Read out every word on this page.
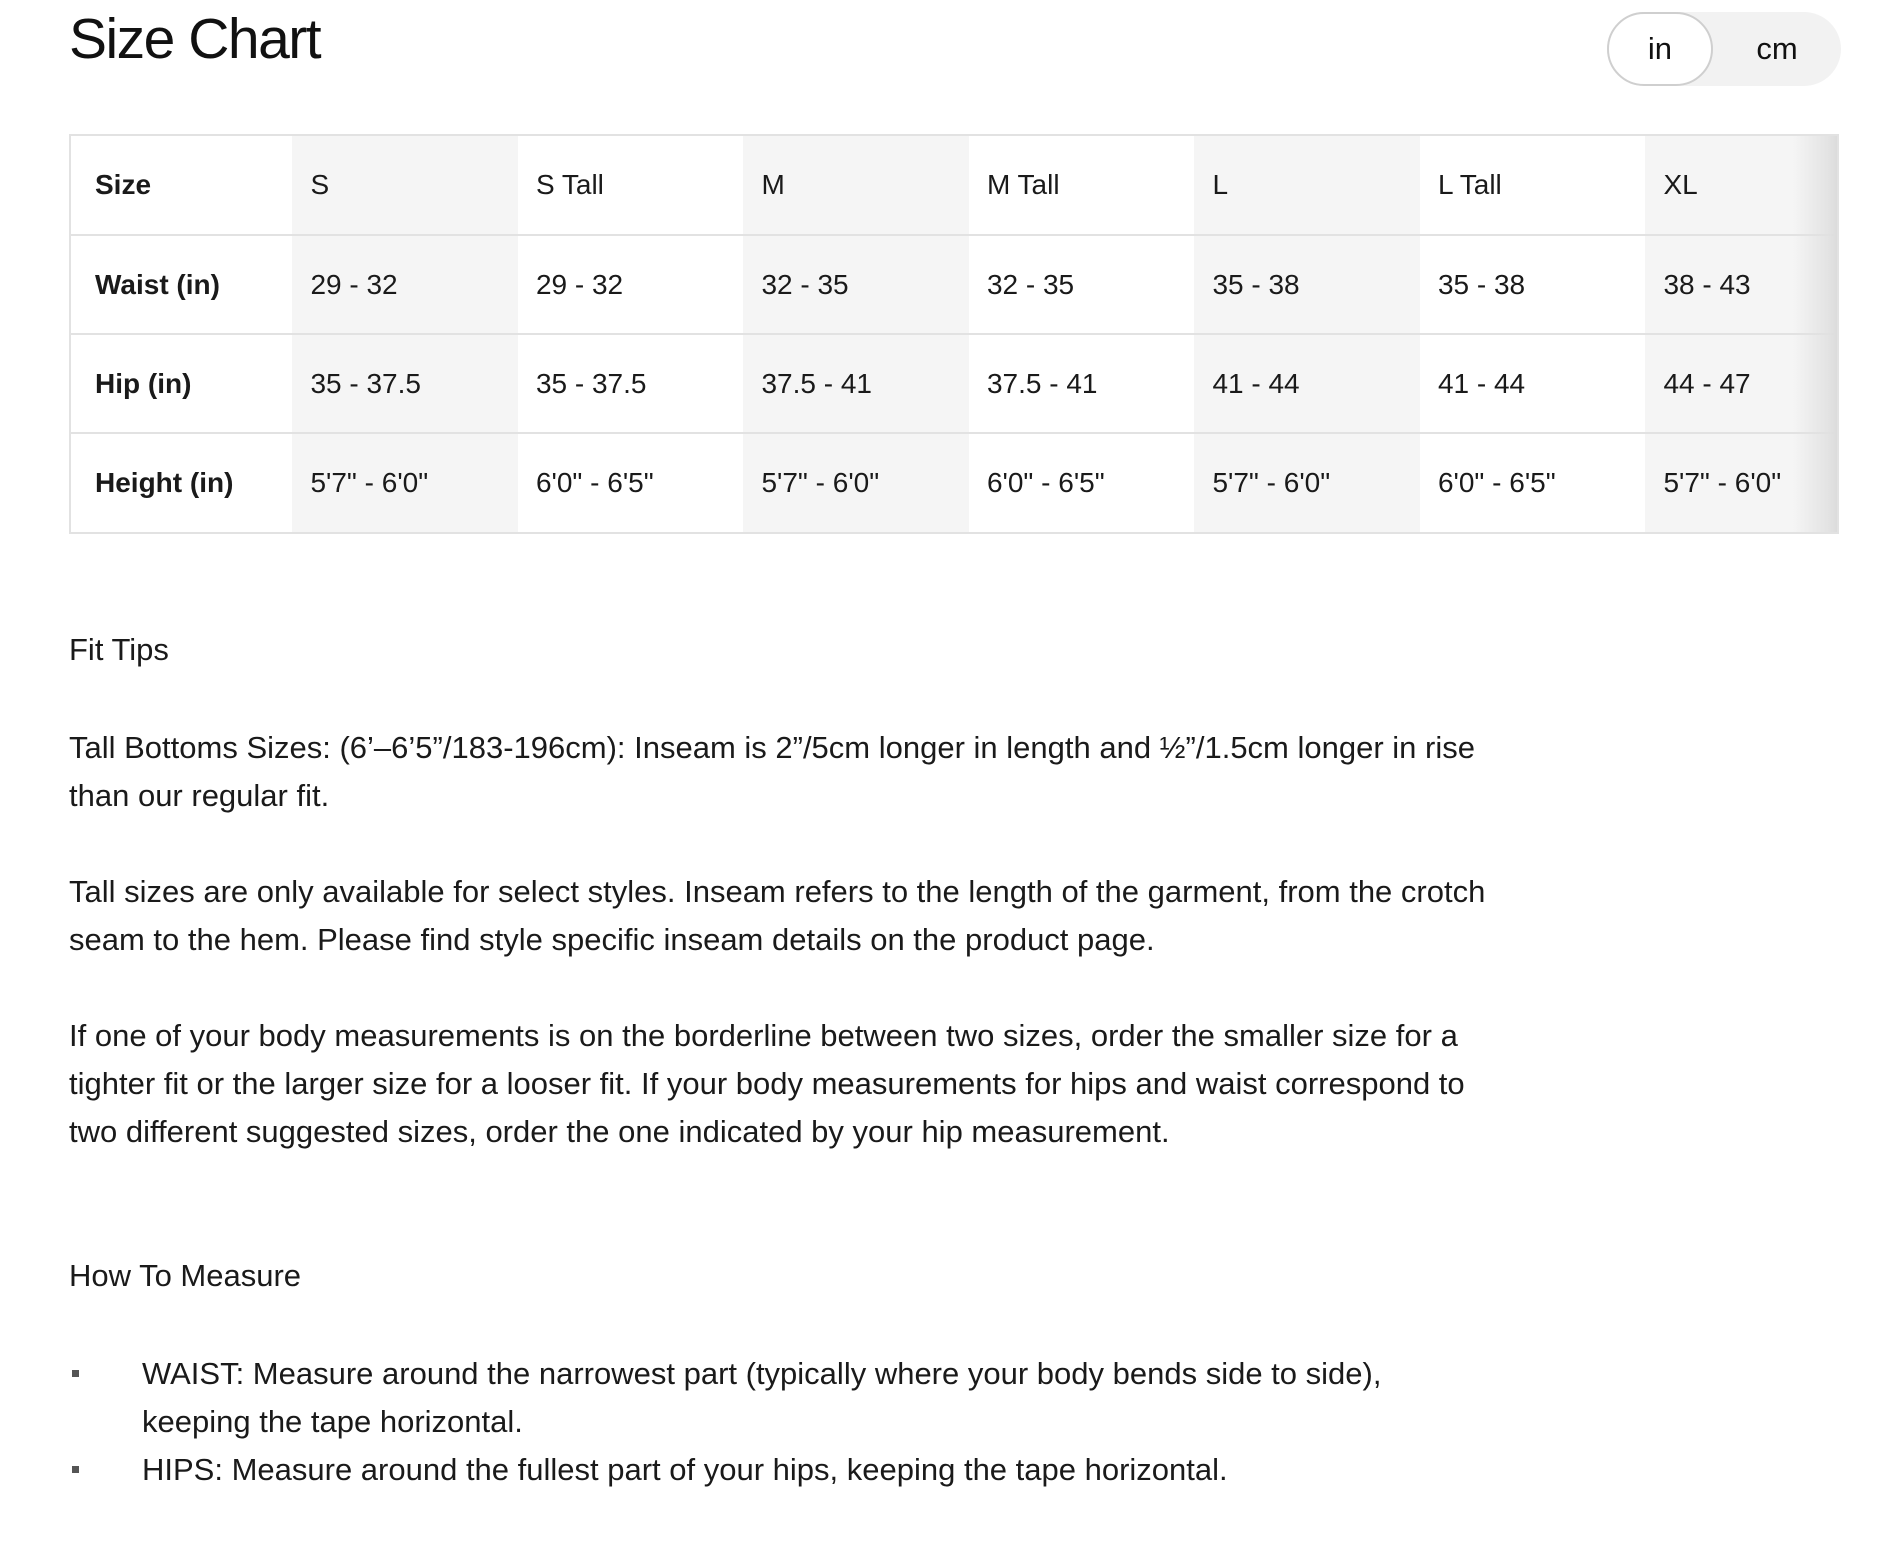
Size Chart	in	cm
Size	S	S Tall	M	M Tall	L	L Tall	XL
Waist (in)	29 - 32	29 - 32	32 - 35	32 - 35	35 - 38	35 - 38	38 - 43
Hip (in)	35 - 37.5	35 - 37.5	37.5 - 41	37.5 - 41	41 - 44	41 - 44	44 - 47
Height (in)	5'7" - 6'0"	6'0" - 6'5"	5'7" - 6'0"	6'0" - 6'5"	5'7" - 6'0"	6'0" - 6'5"	5'7" - 6'0"
Fit Tips

Tall Bottoms Sizes: (6’–6’5”/183-196cm): Inseam is 2”/5cm longer in length and ½”/1.5cm longer in rise than our regular fit.

Tall sizes are only available for select styles. Inseam refers to the length of the garment, from the crotch seam to the hem. Please find style specific inseam details on the product page.

If one of your body measurements is on the borderline between two sizes, order the smaller size for a tighter fit or the larger size for a looser fit. If your body measurements for hips and waist correspond to two different suggested sizes, order the one indicated by your hip measurement.

How To Measure
WAIST: Measure around the narrowest part (typically where your body bends side to side), keeping the tape horizontal.
HIPS: Measure around the fullest part of your hips, keeping the tape horizontal.
